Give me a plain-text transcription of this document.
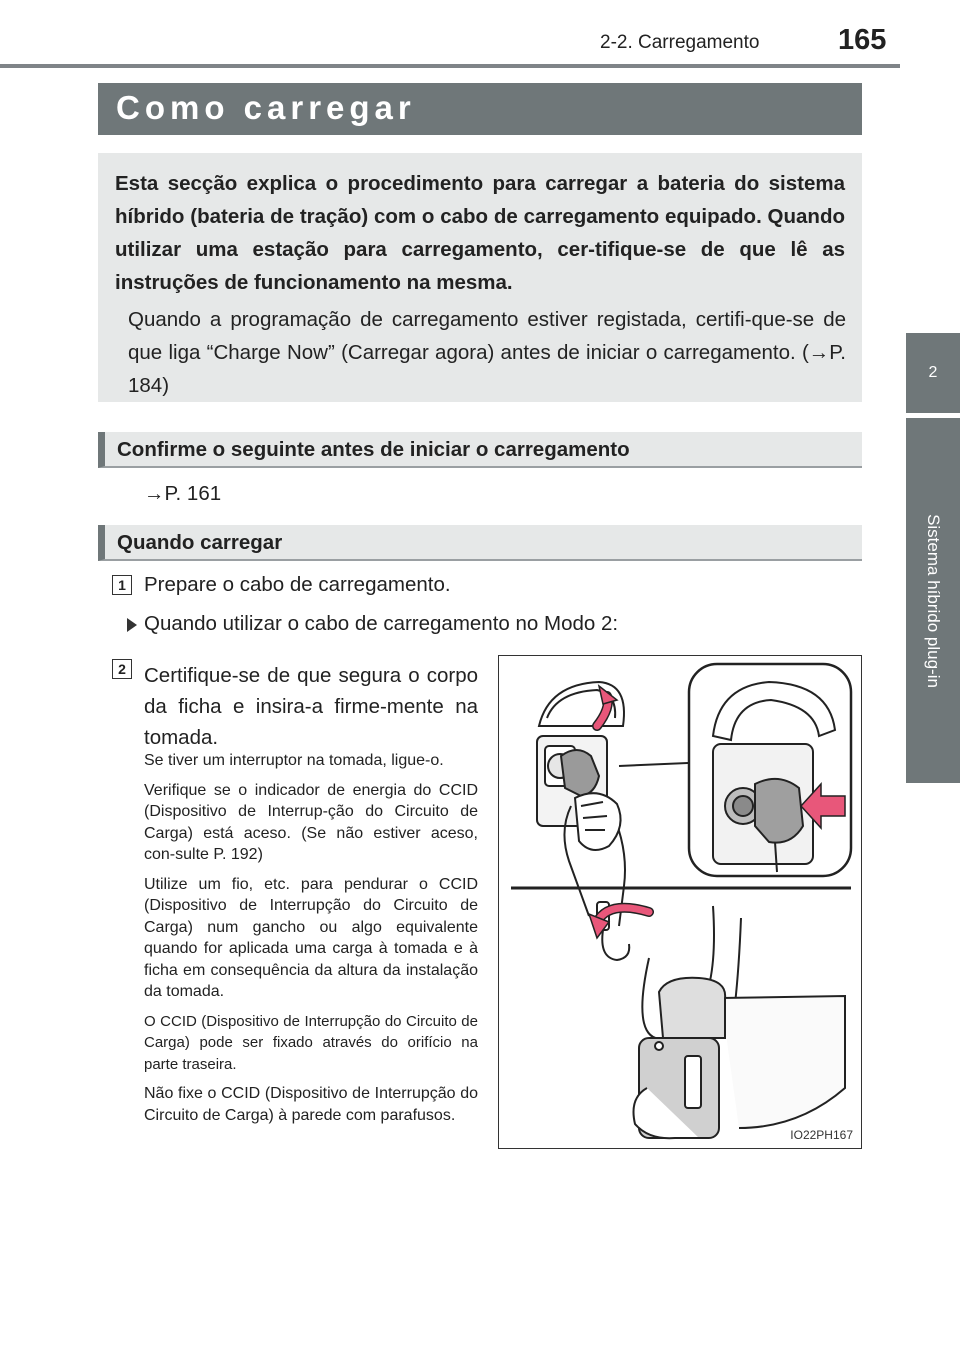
2-2. Carregamento	165
2
Sistema híbrido plug-in
Como carregar
Esta secção explica o procedimento para carregar a bateria do sistema híbrido (bateria de tração) com o cabo de carregamento equipado. Quando utilizar uma estação para carregamento, cer-tifique-se de que lê as instruções de funcionamento na mesma.
Quando a programação de carregamento estiver registada, certifi-que-se de que liga “Charge Now” (Carregar agora) antes de iniciar o carregamento. (→P. 184)
Confirme o seguinte antes de iniciar o carregamento
→P. 161
Quando carregar
1 Prepare o cabo de carregamento.
Quando utilizar o cabo de carregamento no Modo 2:
2 Certifique-se de que segura o corpo da ficha e insira-a firme-mente na tomada.

Se tiver um interruptor na tomada, ligue-o.

Verifique se o indicador de energia do CCID (Dispositivo de Interrup-ção do Circuito de Carga) está aceso. (Se não estiver aceso, con-sulte P. 192)

Utilize um fio, etc. para pendurar o CCID (Dispositivo de Interrupção do Circuito de Carga) num gancho ou algo equivalente quando for aplicada uma carga à tomada e à ficha em consequência da altura da instalação da tomada.

O CCID (Dispositivo de Interrupção do Circuito de Carga) pode ser fixado através do orifício na parte traseira.

Não fixe o CCID (Dispositivo de Interrupção do Circuito de Carga) à parede com parafusos.

IO22PH167
